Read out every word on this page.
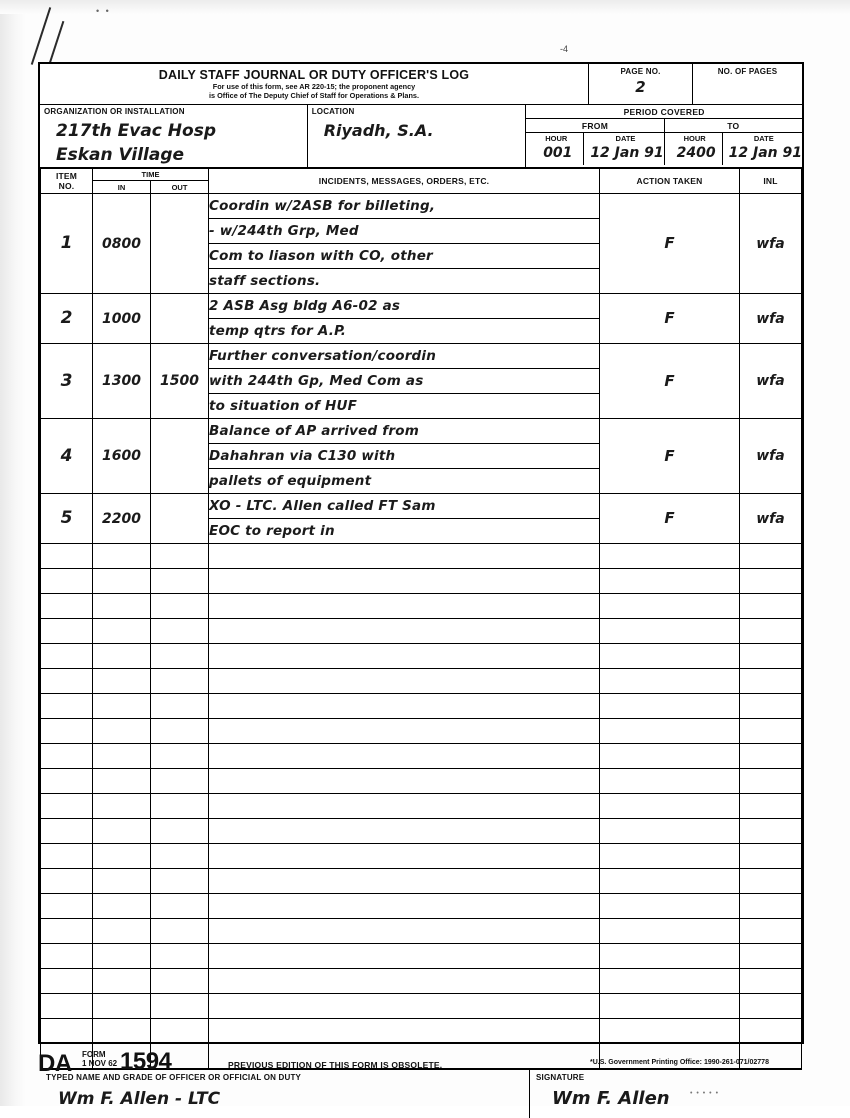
• •
-4
• • • • •
DAILY STAFF JOURNAL OR DUTY OFFICER'S LOG
For use of this form, see AR 220-15; the proponent agency
is Office of The Deputy Chief of Staff for Operations & Plans.
PAGE NO.
2
NO. OF PAGES
ORGANIZATION OR INSTALLATION
217th Evac Hosp
Eskan Village
LOCATION
Riyadh, S.A.
PERIOD COVERED
FROM
HOUR
001
DATE
12 Jan 91
TO
HOUR
2400
DATE
12 Jan 91
ITEM
NO.	TIME		INCIDENTS, MESSAGES, ORDERS, ETC.	ACTION TAKEN	INL

	IN	OUT			

1	0800		Coordin w/2ASB for billeting,	F	wfa
			- w/244th Grp, Med		
			Com to liason with CO, other		
			staff sections.		
2	1000		2 ASB Asg bldg A6-02 as	F	wfa
			temp qtrs for A.P.		
3	1300	1500	Further conversation/coordin	F	wfa
			with 244th Gp, Med Com as		
			to situation of HUF		
4	1600		Balance of AP arrived from	F	wfa
			Dahahran via C130 with		
			pallets of equipment		
5	2200		XO - LTC. Allen called FT Sam	F	wfa
			EOC to report in		

TYPED NAME AND GRADE OF OFFICER OR OFFICIAL ON DUTY
Wm F. Allen - LTC
SIGNATURE
Wm F. Allen
DA FORM
1 NOV 62 1594	PREVIOUS EDITION OF THIS FORM IS OBSOLETE.	*U.S. Government Printing Office: 1990-261-071/02778
